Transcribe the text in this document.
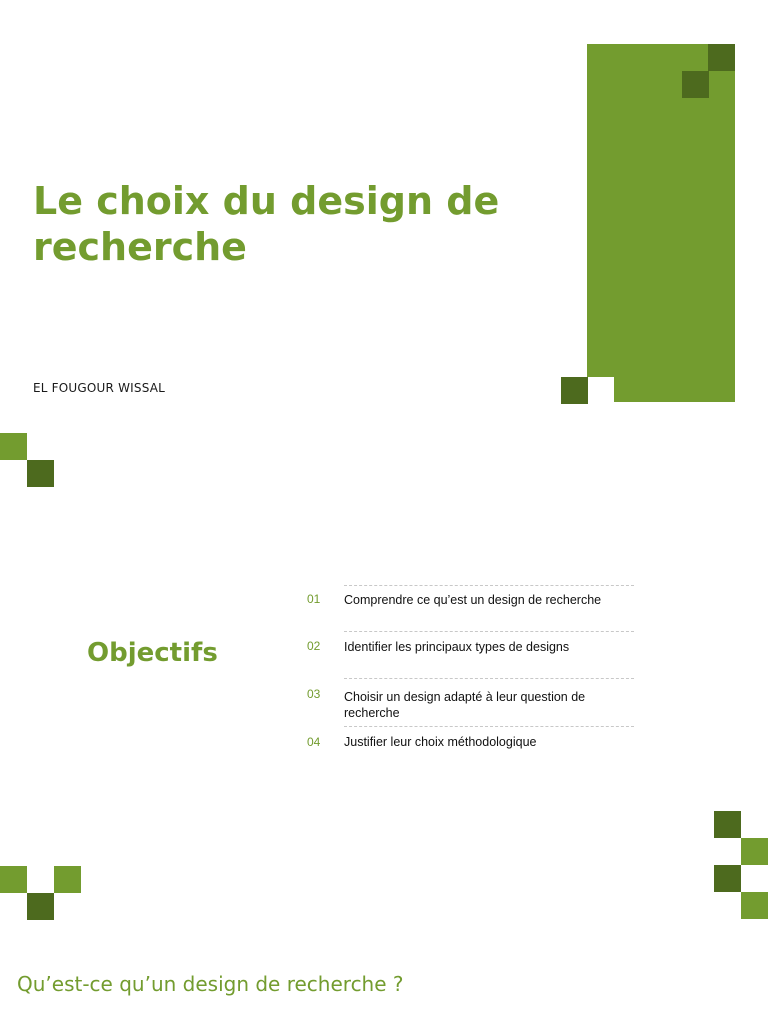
Le choix du design de recherche
EL FOUGOUR WISSAL
Objectifs
01 Comprendre ce qu’est un design de recherche
02 Identifier les principaux types de designs
03 Choisir un design adapté à leur question de recherche
04 Justifier leur choix méthodologique
Qu’est-ce qu’un design de recherche ?
